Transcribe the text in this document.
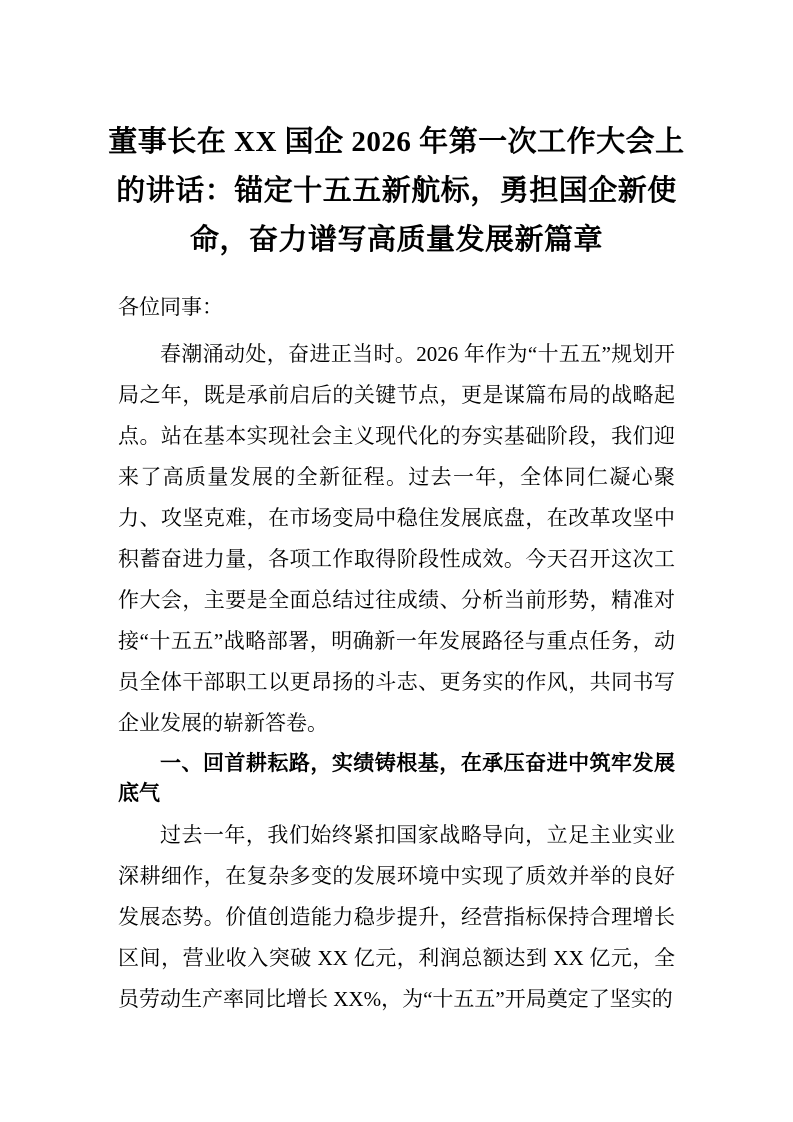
董事长在 XX 国企 2026 年第一次工作大会上的讲话：锚定十五五新航标，勇担国企新使命，奋力谱写高质量发展新篇章

各位同事：

春潮涌动处，奋进正当时。2026 年作为“十五五”规划开局之年，既是承前启后的关键节点，更是谋篇布局的战略起点。站在基本实现社会主义现代化的夯实基础阶段，我们迎来了高质量发展的全新征程。过去一年，全体同仁凝心聚力、攻坚克难，在市场变局中稳住发展底盘，在改革攻坚中积蓄奋进力量，各项工作取得阶段性成效。今天召开这次工作大会，主要是全面总结过往成绩、分析当前形势，精准对接“十五五”战略部署，明确新一年发展路径与重点任务，动员全体干部职工以更昂扬的斗志、更务实的作风，共同书写企业发展的崭新答卷。

一、回首耕耘路，实绩铸根基，在承压奋进中筑牢发展底气

过去一年，我们始终紧扣国家战略导向，立足主业实业深耕细作，在复杂多变的发展环境中实现了质效并举的良好发展态势。价值创造能力稳步提升，经营指标保持合理增长区间，营业收入突破 XX 亿元，利润总额达到 XX 亿元，全员劳动生产率同比增长 XX%，为“十五五”开局奠定了坚实的
